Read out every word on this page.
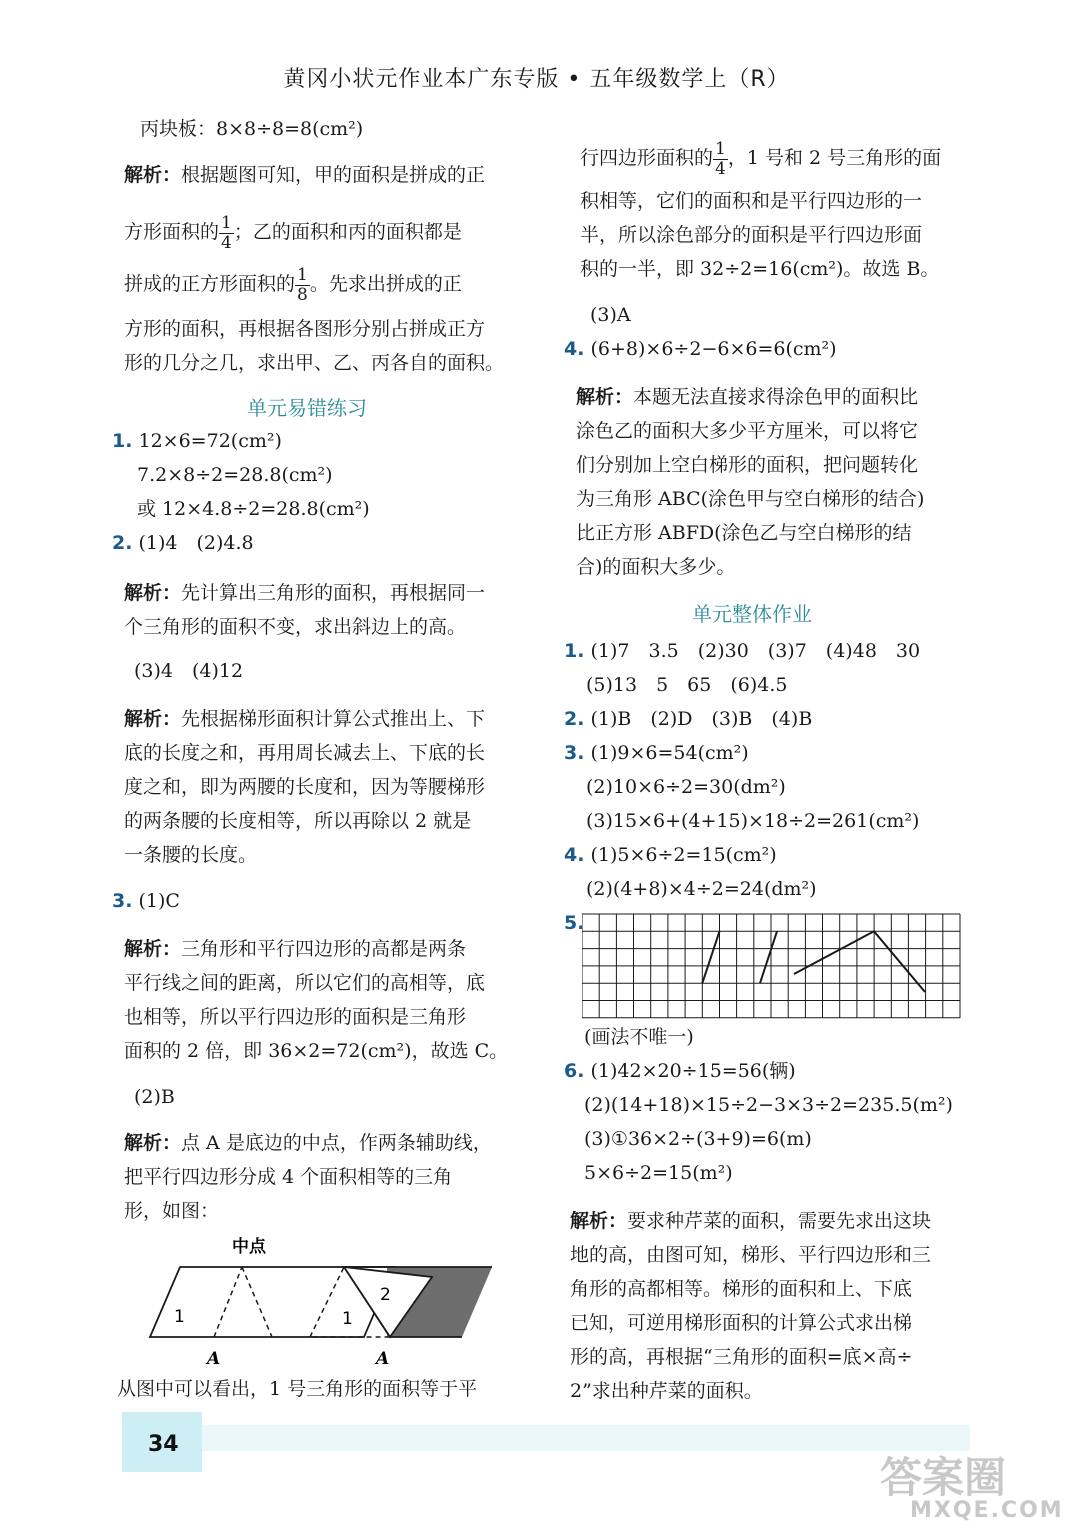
黄冈小状元作业本广东专版 • 五年级数学上（R）
丙块板：8×8÷8=8(cm²)
解析：根据题图可知，甲的面积是拼成的正
方形面积的 $\frac{1}{4}$ ；乙的面积和丙的面积都是
拼成的正方形面积的 $\frac{1}{8}$ 。先求出拼成的正
方形的面积，再根据各图形分别占拼成正方
形的几分之几，求出甲、乙、丙各自的面积。
单元易错练习
1. 12×6=72(cm²)
7.2×8÷2=28.8(cm²)
或 12×4.8÷2=28.8(cm²)
2. (1)4　(2)4.8
解析：先计算出三角形的面积，再根据同一
个三角形的面积不变，求出斜边上的高。
(3)4　(4)12
解析：先根据梯形面积计算公式推出上、下
底的长度之和，再用周长减去上、下底的长
度之和，即为两腰的长度和，因为等腰梯形
的两条腰的长度相等，所以再除以 2 就是
一条腰的长度。
3. (1)C
解析：三角形和平行四边形的高都是两条
平行线之间的距离，所以它们的高相等，底
也相等，所以平行四边形的面积是三角形
面积的 2 倍，即 36×2=72(cm²)，故选 C。
(2)B
解析：点 A 是底边的中点，作两条辅助线，
把平行四边形分成 4 个面积相等的三角
形，如图：
中点
1
A
1
2
A
从图中可以看出，1 号三角形的面积等于平
行四边形面积的 $\frac{1}{4}$ ，1 号和 2 号三角形的面
积相等，它们的面积和是平行四边形的一
半，所以涂色部分的面积是平行四边形面
积的一半，即 32÷2=16(cm²)。故选 B。
(3)A
4. (6+8)×6÷2−6×6=6(cm²)
解析：本题无法直接求得涂色甲的面积比
涂色乙的面积大多少平方厘米，可以将它
们分别加上空白梯形的面积，把问题转化
为三角形 ABC(涂色甲与空白梯形的结合)
比正方形 ABFD(涂色乙与空白梯形的结
合)的面积大多少。
单元整体作业
1. (1)7　3.5　(2)30　(3)7　(4)48　30
(5)13　5　65　(6)4.5
2. (1)B　(2)D　(3)B　(4)B
3. (1)9×6=54(cm²)
(2)10×6÷2=30(dm²)
(3)15×6+(4+15)×18÷2=261(cm²)
4. (1)5×6÷2=15(cm²)
(2)(4+8)×4÷2=24(dm²)
5.
(画法不唯一)
6. (1)42×20÷15=56(辆)
(2)(14+18)×15÷2−3×3÷2=235.5(m²)
(3)①36×2÷(3+9)=6(m)
5×6÷2=15(m²)
解析：要求种芹菜的面积，需要先求出这块
地的高，由图可知，梯形、平行四边形和三
角形的高都相等。梯形的面积和上、下底
已知，可逆用梯形面积的计算公式求出梯
形的高，再根据“三角形的面积=底×高÷
2”求出种芹菜的面积。
34
答案圈
MXQE.COM
